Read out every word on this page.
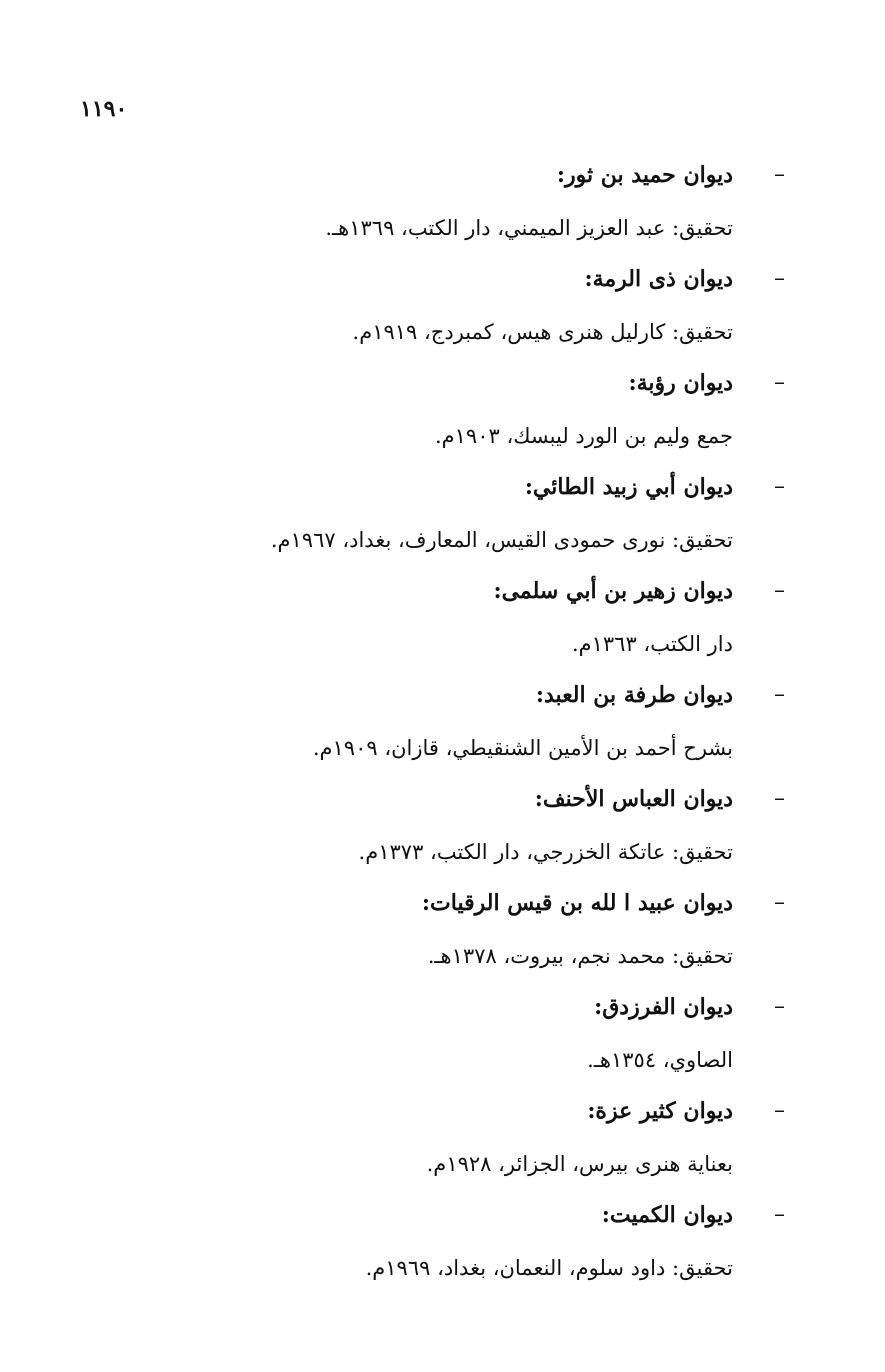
١١٩٠
–
ديوان حميد بن ثور:
تحقيق: عبد العزيز الميمني، دار الكتب، ١٣٦٩هـ.
–
ديوان ذى الرمة:
تحقيق: كارليل هنرى هيس، كمبردج، ١٩١٩م.
–
ديوان رؤبة:
جمع وليم بن الورد ليبسك، ١٩٠٣م.
–
ديوان أبي زبيد الطائي:
تحقيق: نورى حمودى القيس، المعارف، بغداد، ١٩٦٧م.
–
ديوان زهير بن أبي سلمى:
دار الكتب، ١٣٦٣م.
–
ديوان طرفة بن العبد:
بشرح أحمد بن الأمين الشنقيطي، قازان، ١٩٠٩م.
–
ديوان العباس الأحنف:
تحقيق: عاتكة الخزرجي، دار الكتب، ١٣٧٣م.
–
ديوان عبيد ا لله بن قيس الرقيات:
تحقيق: محمد نجم، بيروت، ١٣٧٨هـ.
–
ديوان الفرزدق:
الصاوي، ١٣٥٤هـ.
–
ديوان كثير عزة:
بعناية هنرى بيرس، الجزائر، ١٩٢٨م.
–
ديوان الكميت:
تحقيق: داود سلوم، النعمان، بغداد، ١٩٦٩م.
